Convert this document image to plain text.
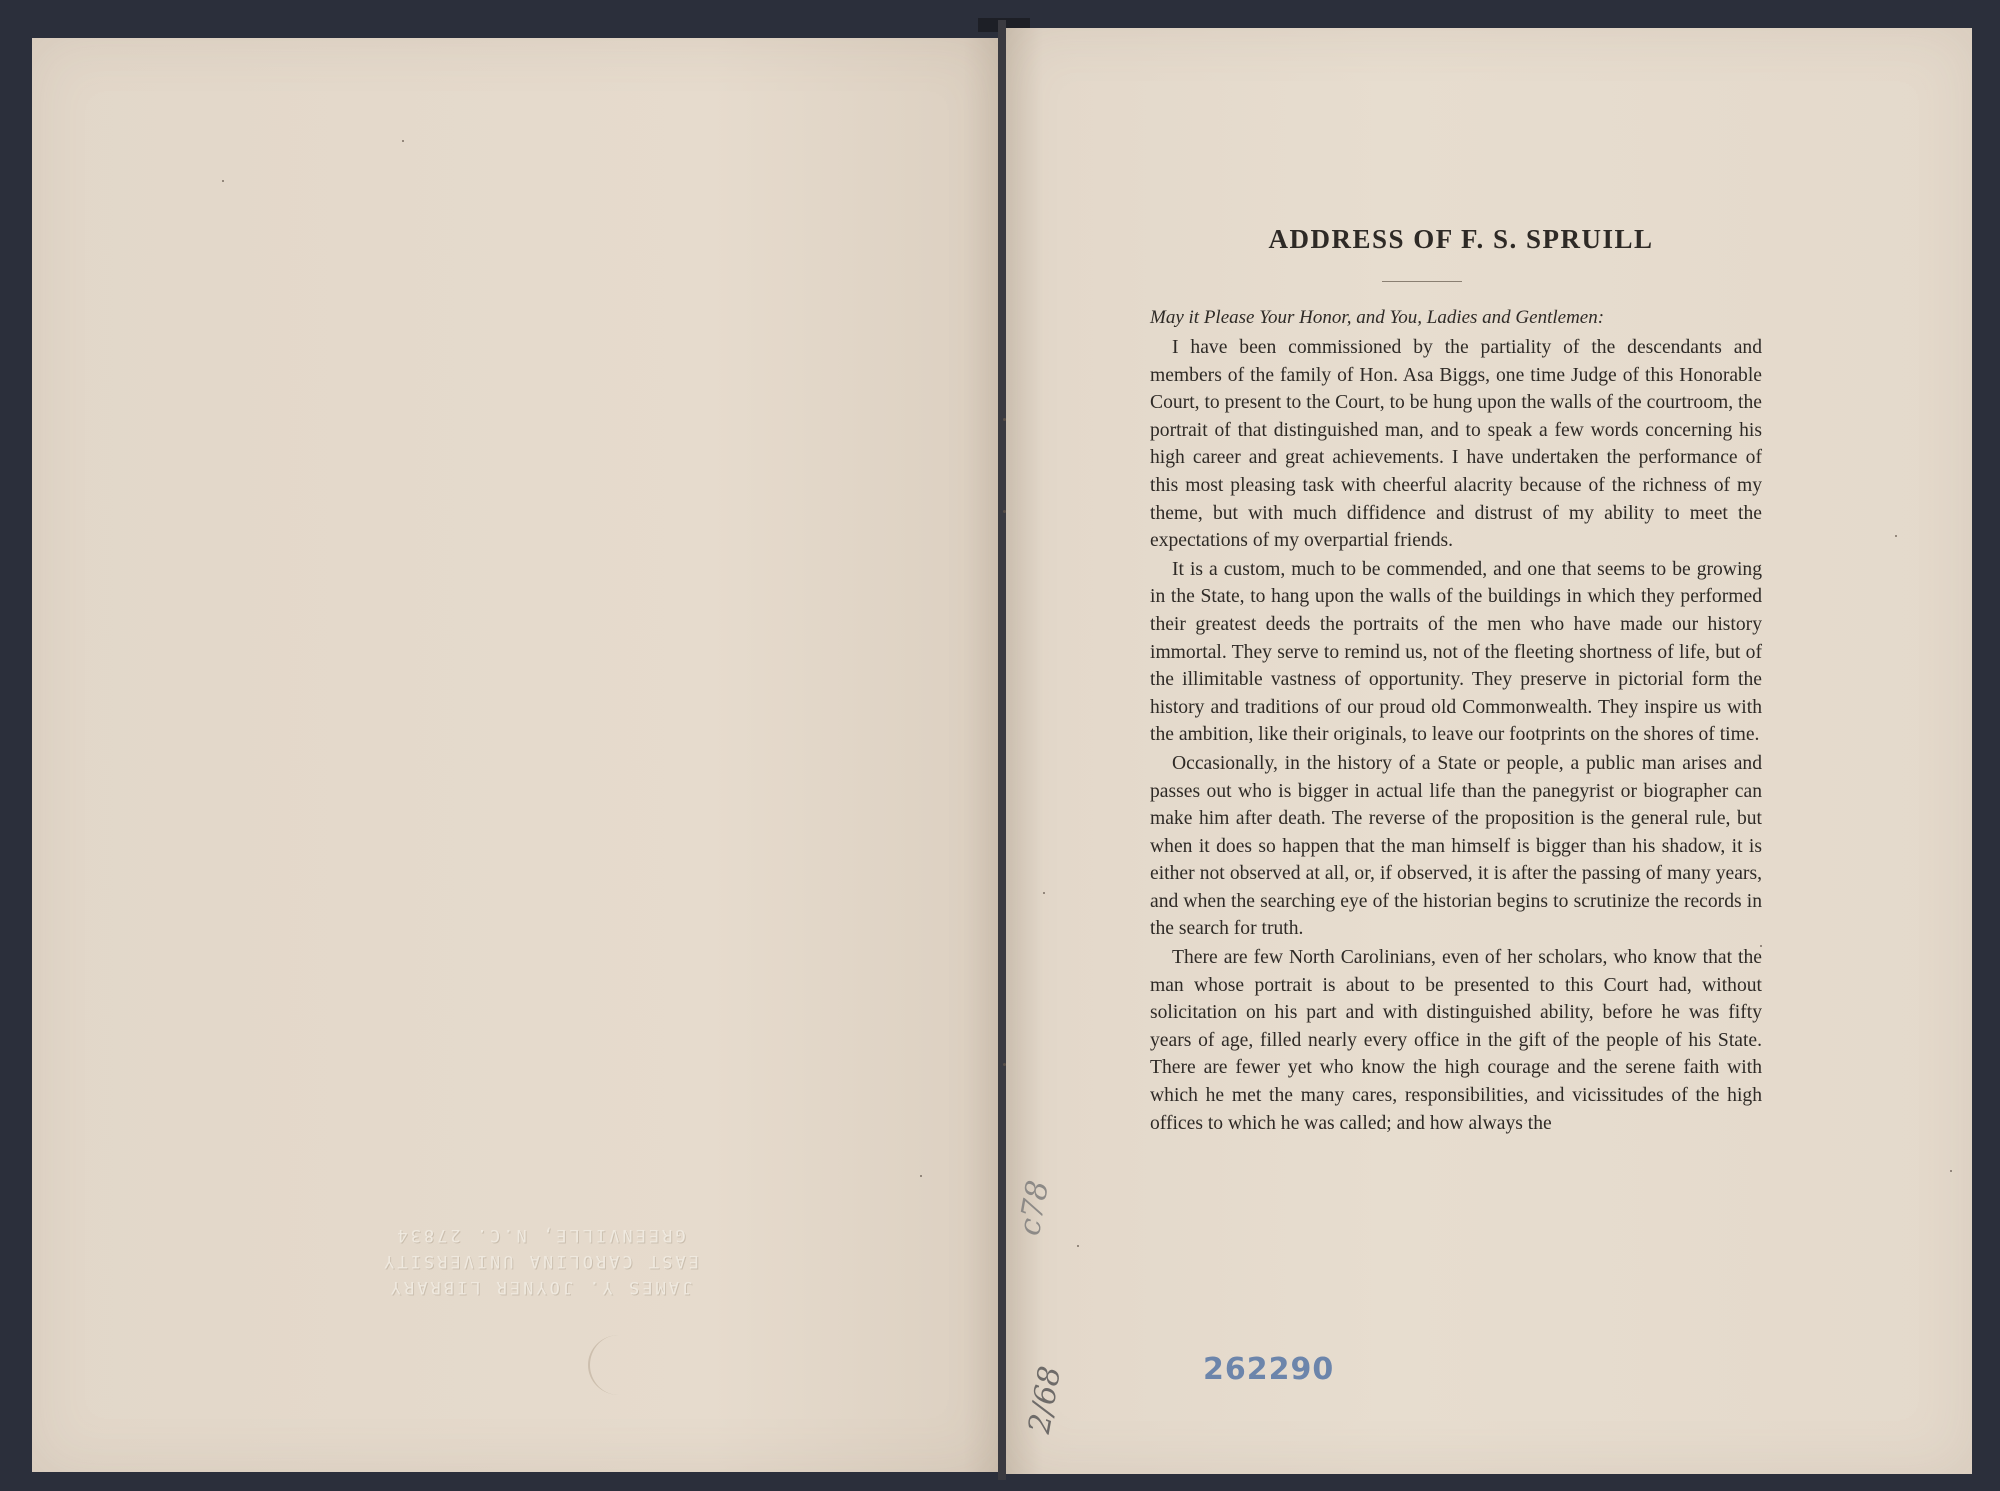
JAMES Y. JOYNER LIBRARY
EAST CAROLINA UNIVERSITY
GREENVILLE, N.C. 27834	c78
2/68
ADDRESS OF F. S. SPRUILL

May it Please Your Honor, and You, Ladies and Gentlemen:

I have been commissioned by the partiality of the descendants and members of the family of Hon. Asa Biggs, one time Judge of this Honorable Court, to present to the Court, to be hung upon the walls of the courtroom, the portrait of that distinguished man, and to speak a few words concerning his high career and great achievements. I have undertaken the performance of this most pleasing task with cheerful alacrity because of the richness of my theme, but with much diffidence and distrust of my ability to meet the expectations of my overpartial friends.

It is a custom, much to be commended, and one that seems to be growing in the State, to hang upon the walls of the buildings in which they performed their greatest deeds the portraits of the men who have made our history immortal. They serve to remind us, not of the fleeting shortness of life, but of the illimitable vastness of opportunity. They preserve in pictorial form the history and traditions of our proud old Commonwealth. They inspire us with the ambition, like their originals, to leave our footprints on the shores of time.

Occasionally, in the history of a State or people, a public man arises and passes out who is bigger in actual life than the panegyrist or biographer can make him after death. The reverse of the proposition is the general rule, but when it does so happen that the man himself is bigger than his shadow, it is either not observed at all, or, if observed, it is after the passing of many years, and when the searching eye of the historian begins to scrutinize the records in the search for truth.

There are few North Carolinians, even of her scholars, who know that the man whose portrait is about to be presented to this Court had, without solicitation on his part and with distinguished ability, before he was fifty years of age, filled nearly every office in the gift of the people of his State. There are fewer yet who know the high courage and the serene faith with which he met the many cares, responsibilities, and vicissitudes of the high offices to which he was called; and how always the

262290
